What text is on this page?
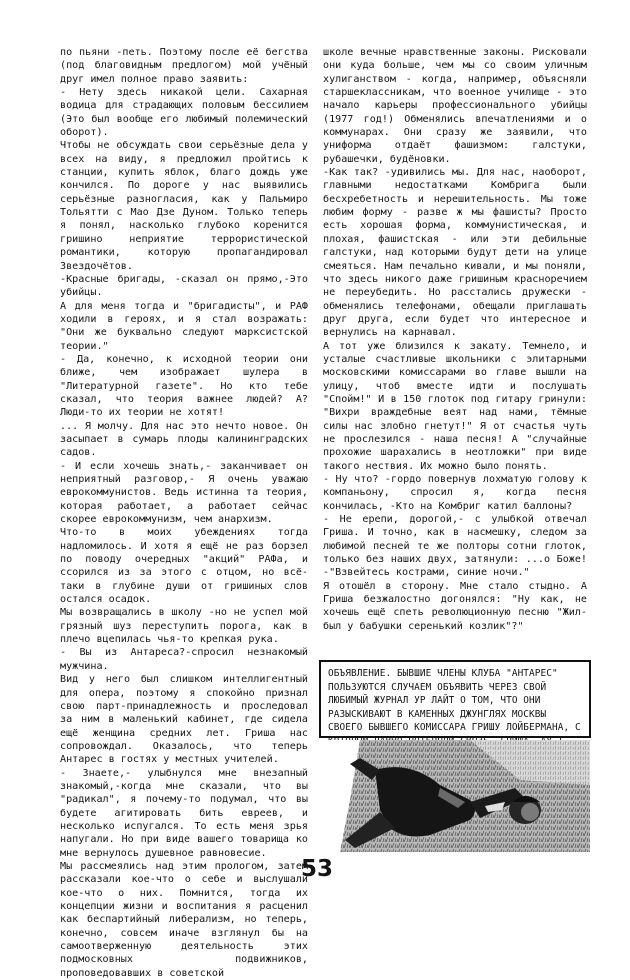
по пьяни -петь. Поэтому после её бегства (под благовидным предлогом) мой учёный друг имел полное право заявить:

- Нету здесь никакой цели. Сахарная водица для страдающих половым бессилием (Это был вообще его любимый полемический оборот).

Чтобы не обсуждать свои серьёзные дела у всех на виду, я предложил пройтись к станции, купить яблок, благо дождь уже кончился. По дороге у нас выявились серьёзные разногласия, как у Пальмиро Тольятти с Мао Дзе Дуном. Только теперь я понял, насколько глубоко коренится гришино неприятие террористической романтики, которую пропагандировал Звездочётов.

-Красные бригады, -сказал он прямо,-Это убийцы.

А для меня тогда и "бригадисты", и РАФ ходили в героях, и я стал возражать: "Они же буквально следуют марксистской теории."

- Да, конечно, к исходной теории они ближе, чем изображает шулера в "Литературной газете". Но кто тебе сказал, что теория важнее людей? А? Люди-то их теории не хотят!

... Я молчу. Для нас это нечто новое. Он засыпает в сумарь плоды калининградских садов.

- И если хочешь знать,- заканчивает он неприятный разговор,- Я очень уважаю еврокоммунистов. Ведь истинна та теория, которая работает, а работает сейчас скорее еврокоммунизм, чем анархизм.

Что-то в моих убеждениях тогда надломилось. И хотя я ещё не раз борзел по поводу очередных "акций" РАФа, и ссорился из за этого с отцом, но всё-таки в глубине души от гришиных слов остался осадок.

Мы возвращались в школу -но не успел мой грязный шуз переступить порога, как в плечо вцепилась чья-то крепкая рука.

- Вы из Антареса?-спросил незнакомый мужчина.

Вид у него был слишком интеллигентный для опера, поэтому я спокойно признал свою парт-принадлежность и проследовал за ним в маленький кабинет, где сидела ещё женщина средних лет. Гриша нас сопровождал. Оказалось, что теперь Антарес в гостях у местных учителей.

- Знаете,- улыбнулся мне внезапный знакомый,-когда мне сказали, что вы "радикал", я почему-то подумал, что вы будете агитировать бить евреев, и несколько испугался. То есть меня зрья напугали. Но при виде вашего товарища ко мне вернулось душевное равновесие.

Мы рассмеялись над этим прологом, затем рассказали кое-что о себе и выслушали кое-что о них. Помнится, тогда их концепции жизни и воспитания я расценил как беспартийный либерализм, но теперь, конечно, совсем иначе взглянул бы на самоотверженную деятельность этих подмосковных подвижников, проповедовавших в советской

школе вечные нравственные законы. Рисковали они куда больше, чем мы со своим уличным хулиганством - когда, например, объясняли старшеклассникам, что военное училище - это начало карьеры профессионального убийцы (1977 год!) Обменялись впечатлениями и о коммунарах. Они сразу же заявили, что униформа отдаёт фашизмом: галстуки, рубашечки, будёновки.

-Как так? -удивились мы. Для нас, наоборот, главными недостатками Комбрига были бесхребетность и нерешительность. Мы тоже любим форму - разве ж мы фашисты? Просто есть хорошая форма, коммунистическая, и плохая, фашистская - или эти дебильные галстуки, над которыми будут дети на улице смеяться. Нам печально кивали, и мы поняли, что здесь никого даже гришиным красноречием не переубедить. Но расстались дружески - обменялись телефонами, обещали приглашать друг друга, если будет что интересное и вернулись на карнавал.

А тот уже близился к закату. Темнело, и усталые счастливые школьники с элитарными московскими комиссарами во главе вышли на улицу, чтоб вместе идти и послушать "Спойм!" И в 150 глоток под гитару гринули: "Вихри враждебные веят над нами, тёмные силы нас злобно гнетут!" Я от счастья чуть не прослезился - наша песня! А "случайные прохожие шарахались в неотложки" при виде такого нествия. Их можно было понять.

- Ну что? -гордо повернув лохматую голову к компаньону, спросил я, когда песня кончилась, -Кто на Комбриг катил баллоны?

- Не ерепи, дорогой,- с улыбкой отвечал Гриша. И точно, как в насмешку, следом за любимой песней те же полторы сотни глоток, только без наших двух, затянули: ...о Боже! -"Взвейтесь кострами, синие ночи."

Я отошёл в сторону. Мне стало стыдно. А Гриша безжалостно догонялся: "Ну как, не хочешь ещё спеть революционную песню "Жил-был у бабушки серенький козлик"?"

ОБЪЯВЛЕНИЕ. БЫВШИЕ ЧЛЕНЫ КЛУБА "АНТАРЕС" ПОЛЬЗУЮТСЯ СЛУЧАЕМ ОБЪЯВИТЬ ЧЕРЕЗ СВОЙ ЛЮБИМЫЙ ЖУРНАЛ УР ЛАЙТ О ТОМ, ЧТО ОНИ РАЗЫСКИВАЮТ В КАМЕННЫХ ДЖУНГЛЯХ МОСКВЫ СВОЕГО БЫВШЕГО КОМИССАРА ГРИШУ ЛОЙБЕРМАНА, С
53
